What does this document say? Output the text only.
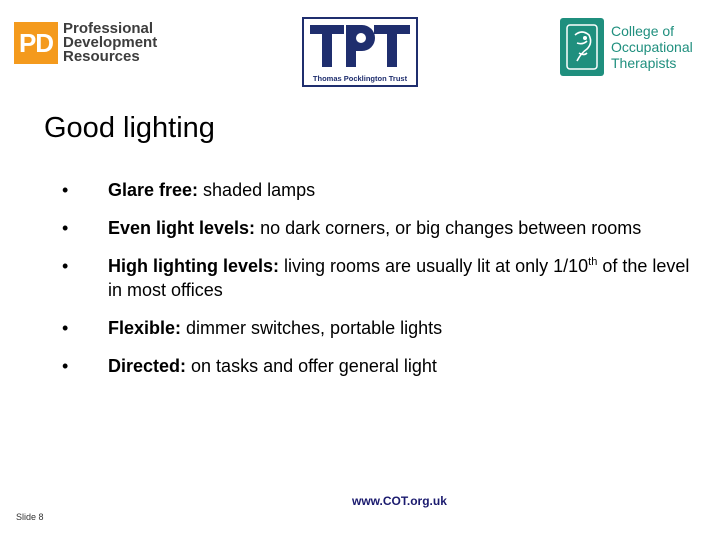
PD Professional
Development
Resources
Thomas Pocklington Trust
College of
Occupational
Therapists
Good lighting
•	Glare free: shaded lamps
•	Even light levels: no dark corners, or big changes between rooms
•	High lighting levels: living rooms are usually lit at only 1/10th of the level in most offices
•	Flexible: dimmer switches, portable lights
•	Directed: on tasks and offer general light
www.COT.org.uk
Slide 8
